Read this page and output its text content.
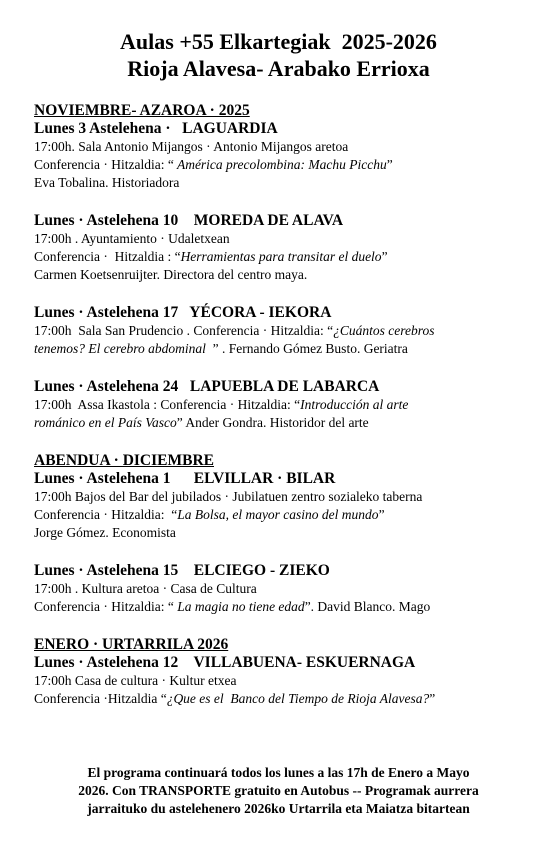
Aulas +55 Elkartegiak  2025-2026
Rioja Alavesa- Arabako Errioxa
NOVIEMBRE- AZAROA · 2025
Lunes 3 Astelehena ·   LAGUARDIA
17:00h. Sala Antonio Mijangos · Antonio Mijangos aretoa
Conferencia · Hitzaldia: “ América precolombina: Machu Picchu”
Eva Tobalina. Historiadora
Lunes · Astelehena 10    MOREDA DE ALAVA
17:00h . Ayuntamiento · Udaletxean
Conferencia ·  Hitzaldia : “Herramientas para transitar el duelo”
Carmen Koetsenruijter. Directora del centro maya.
Lunes · Astelehena 17   YÉCORA - IEKORA
17:00h  Sala San Prudencio . Conferencia · Hitzaldia: “¿Cuántos cerebros
tenemos? El cerebro abdominal  ” . Fernando Gómez Busto. Geriatra
Lunes · Astelehena 24   LAPUEBLA DE LABARCA
17:00h  Assa Ikastola : Conferencia · Hitzaldia: “Introducción al arte
románico en el País Vasco” Ander Gondra. Historidor del arte
ABENDUA · DICIEMBRE
Lunes · Astelehena 1      ELVILLAR · BILAR
17:00h Bajos del Bar del jubilados · Jubilatuen zentro sozialeko taberna
Conferencia · Hitzaldia:  “La Bolsa, el mayor casino del mundo”
Jorge Gómez. Economista
Lunes · Astelehena 15    ELCIEGO - ZIEKO
17:00h . Kultura aretoa · Casa de Cultura
Conferencia · Hitzaldia: “ La magia no tiene edad”. David Blanco. Mago
ENERO · URTARRILA 2026
Lunes · Astelehena 12    VILLABUENA- ESKUERNAGA
17:00h Casa de cultura · Kultur etxea
Conferencia ·Hitzaldia “¿Que es el  Banco del Tiempo de Rioja Alavesa?”
El programa continuará todos los lunes a las 17h de Enero a Mayo
2026. Con TRANSPORTE gratuito en Autobus -- Programak aurrera
jarraituko du astelehenero 2026ko Urtarrila eta Maiatza bitartean
